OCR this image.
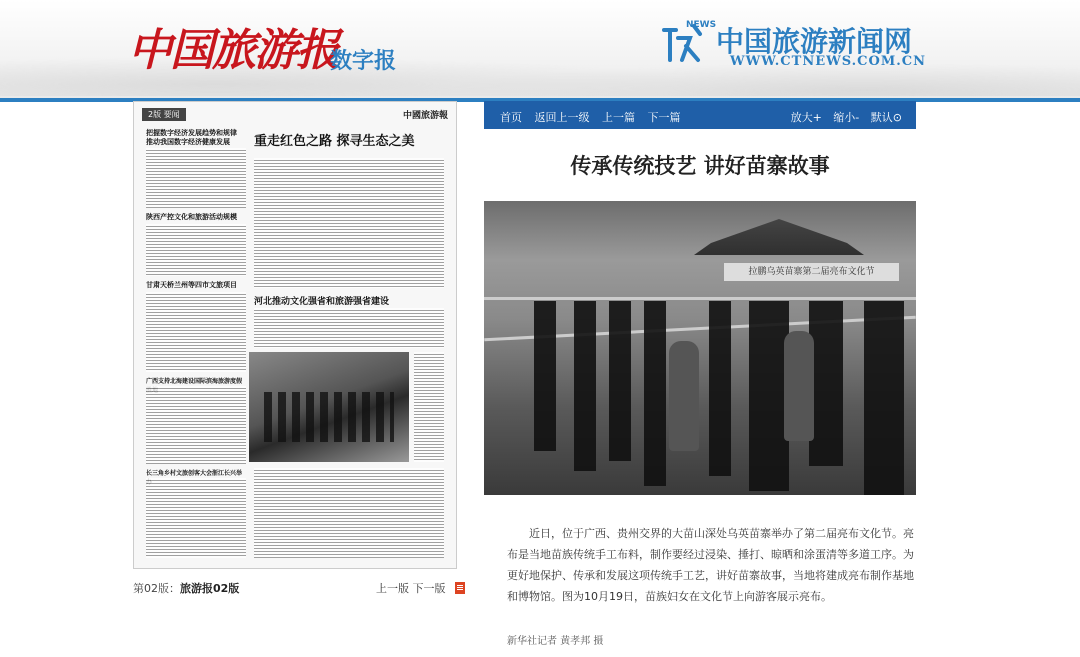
中国旅游报
数字报
NEWS 中国旅游新闻网
WWW.CTNEWS.COM.CN
2版 要闻	中國旅游報
把握数字经济发展趋势和规律 推动我国数字经济健康发展	重走红色之路 探寻生态之美
陕西产控文化和旅游活动规模
甘肃天桥兰州等四市文旅项目
河北推动文化强省和旅游强省建设
广西支持北海建设国际滨海旅游度假
长三角乡村文旅创客大会浙江长兴举
第02版：旅游报02版	上一版 下一版
首页 返回上一级 上一篇 下一篇	放大+ 缩小- 默认⊙
传承传统技艺 讲好苗寨故事
拉鹏乌英苗寨第二届亮布文化节
近日，位于广西、贵州交界的大苗山深处乌英苗寨举办了第二届亮布文化节。亮布是当地苗族传统手工布料，制作要经过浸染、捶打、晾晒和涂蛋清等多道工序。为更好地保护、传承和发展这项传统手工艺，讲好苗寨故事，当地将建成亮布制作基地和博物馆。图为10月19日，苗族妇女在文化节上向游客展示亮布。
新华社记者 黄孝邦 摄
